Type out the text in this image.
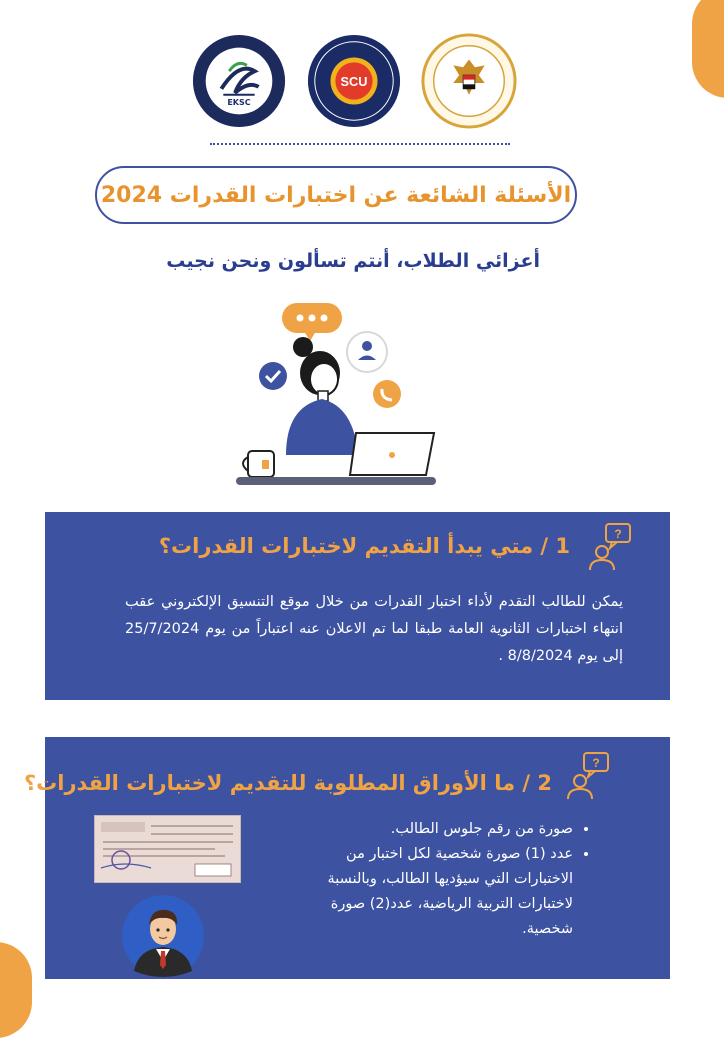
EKSC
SCU
الأسئلة الشائعة عن اختبارات القدرات 2024
أعزائي الطلاب، أنتم تسألون ونحن نجيب
?
1 / متي يبدأ التقديم لاختبارات القدرات؟
يمكن للطالب التقدم لأداء اختبار القدرات من خلال موقع التنسيق الإلكتروني عقب انتهاء اختبارات الثانوية العامة طبقا لما تم الاعلان عنه اعتباراً من يوم 25/7/2024 إلى يوم 8/8/2024 .
?
2 / ما الأوراق المطلوبة للتقديم لاختبارات القدرات؟
• صورة من رقم جلوس الطالب.
• عدد (1) صورة شخصية لكل اختبار من الاختبارات التي سيؤديها الطالب، وبالنسبة لاختبارات التربية الرياضية، عدد(2) صورة شخصية.
